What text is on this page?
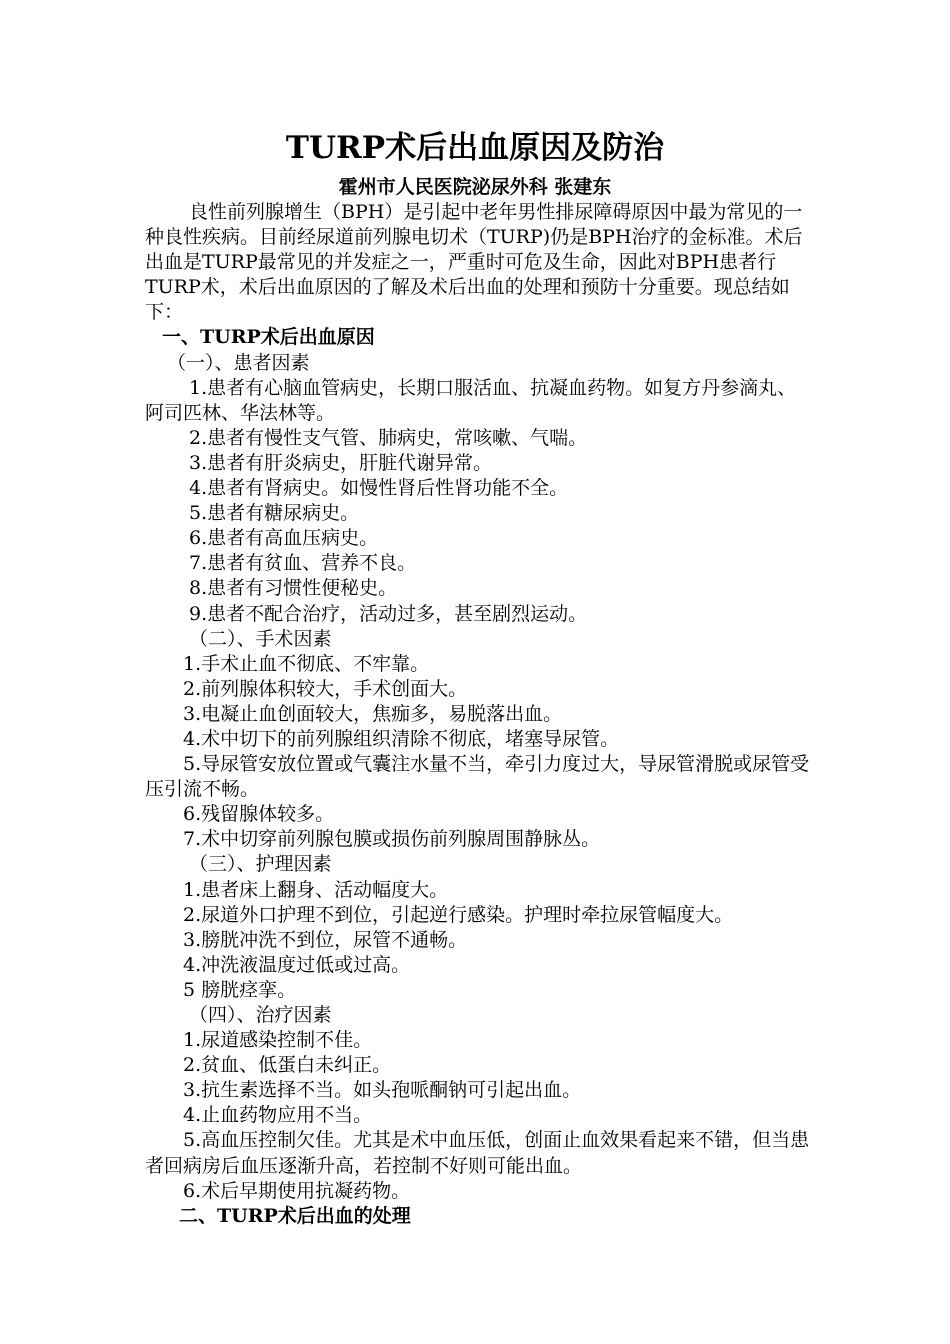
TURP术后出血原因及防治
霍州市人民医院泌尿外科 张建东

良性前列腺增生（BPH）是引起中老年男性排尿障碍原因中最为常见的一种良性疾病。目前经尿道前列腺电切术（TURP)仍是BPH治疗的金标准。术后出血是TURP最常见的并发症之一，严重时可危及生命，因此对BPH患者行TURP术，术后出血原因的了解及术后出血的处理和预防十分重要。现总结如下：

一、TURP术后出血原因
（一）、患者因素
1.患者有心脑血管病史，长期口服活血、抗凝血药物。如复方丹参滴丸、阿司匹林、华法林等。
2.患者有慢性支气管、肺病史，常咳嗽、气喘。
3.患者有肝炎病史，肝脏代谢异常。
4.患者有肾病史。如慢性肾后性肾功能不全。
5.患者有糖尿病史。
6.患者有高血压病史。
7.患者有贫血、营养不良。
8.患者有习惯性便秘史。
9.患者不配合治疗，活动过多，甚至剧烈运动。
（二）、手术因素
1.手术止血不彻底、不牢靠。
2.前列腺体积较大，手术创面大。
3.电凝止血创面较大，焦痂多，易脱落出血。
4.术中切下的前列腺组织清除不彻底，堵塞导尿管。
5.导尿管安放位置或气囊注水量不当，牵引力度过大，导尿管滑脱或尿管受压引流不畅。
6.残留腺体较多。
7.术中切穿前列腺包膜或损伤前列腺周围静脉丛。
（三）、护理因素
1.患者床上翻身、活动幅度大。
2.尿道外口护理不到位，引起逆行感染。护理时牵拉尿管幅度大。
3.膀胱冲洗不到位，尿管不通畅。
4.冲洗液温度过低或过高。
5 膀胱痉挛。
（四）、治疗因素
1.尿道感染控制不佳。
2.贫血、低蛋白未纠正。
3.抗生素选择不当。如头孢哌酮钠可引起出血。
4.止血药物应用不当。
5.高血压控制欠佳。尤其是术中血压低，创面止血效果看起来不错，但当患者回病房后血压逐渐升高，若控制不好则可能出血。
6.术后早期使用抗凝药物。
二、TURP术后出血的处理
